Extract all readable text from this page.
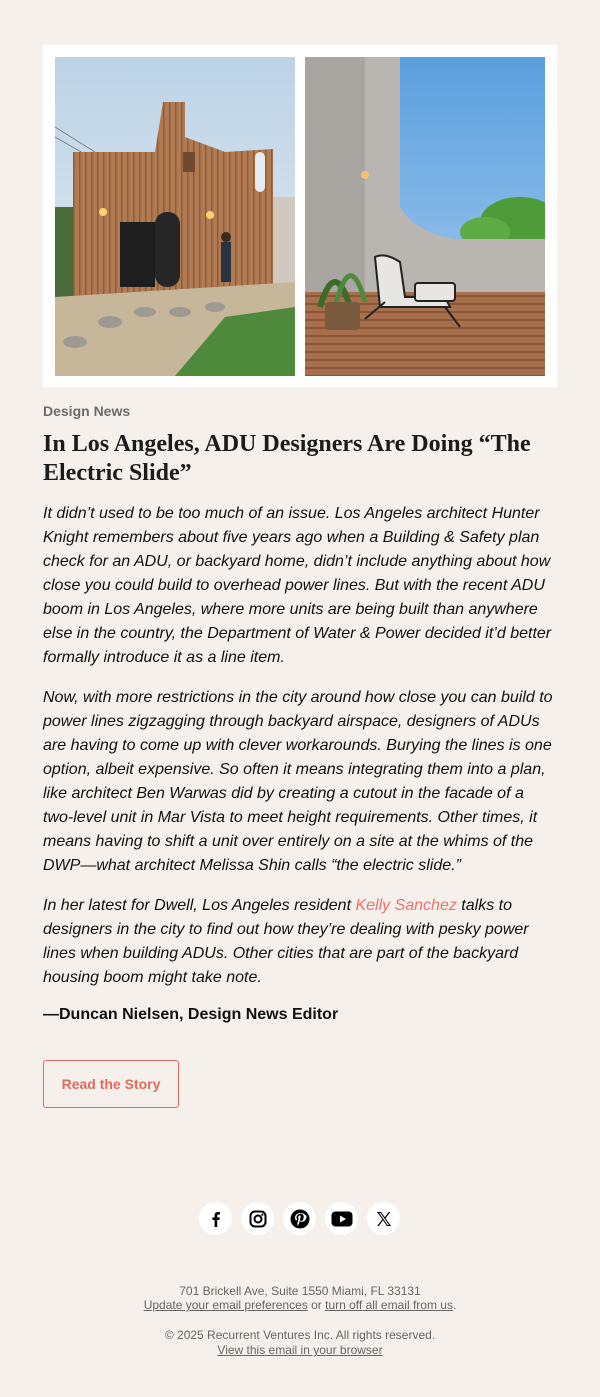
Design News
In Los Angeles, ADU Designers Are Doing “The Electric Slide”

It didn’t used to be too much of an issue. Los Angeles architect Hunter Knight remembers about five years ago when a Building & Safety plan check for an ADU, or backyard home, didn’t include anything about how close you could build to overhead power lines. But with the recent ADU boom in Los Angeles, where more units are being built than anywhere else in the country, the Department of Water & Power decided it’d better formally introduce it as a line item.

Now, with more restrictions in the city around how close you can build to power lines zigzagging through backyard airspace, designers of ADUs are having to come up with clever workarounds. Burying the lines is one option, albeit expensive. So often it means integrating them into a plan, like architect Ben Warwas did by creating a cutout in the facade of a two-level unit in Mar Vista to meet height requirements. Other times, it means having to shift a unit over entirely on a site at the whims of the DWP—what architect Melissa Shin calls “the electric slide.”

In her latest for Dwell, Los Angeles resident Kelly Sanchez talks to designers in the city to find out how they’re dealing with pesky power lines when building ADUs. Other cities that are part of the backyard housing boom might take note.

—Duncan Nielsen, Design News Editor
Read the Story
701 Brickell Ave, Suite 1550 Miami, FL 33131
Update your email preferences or turn off all email from us.
© 2025 Recurrent Ventures Inc. All rights reserved.
View this email in your browser
